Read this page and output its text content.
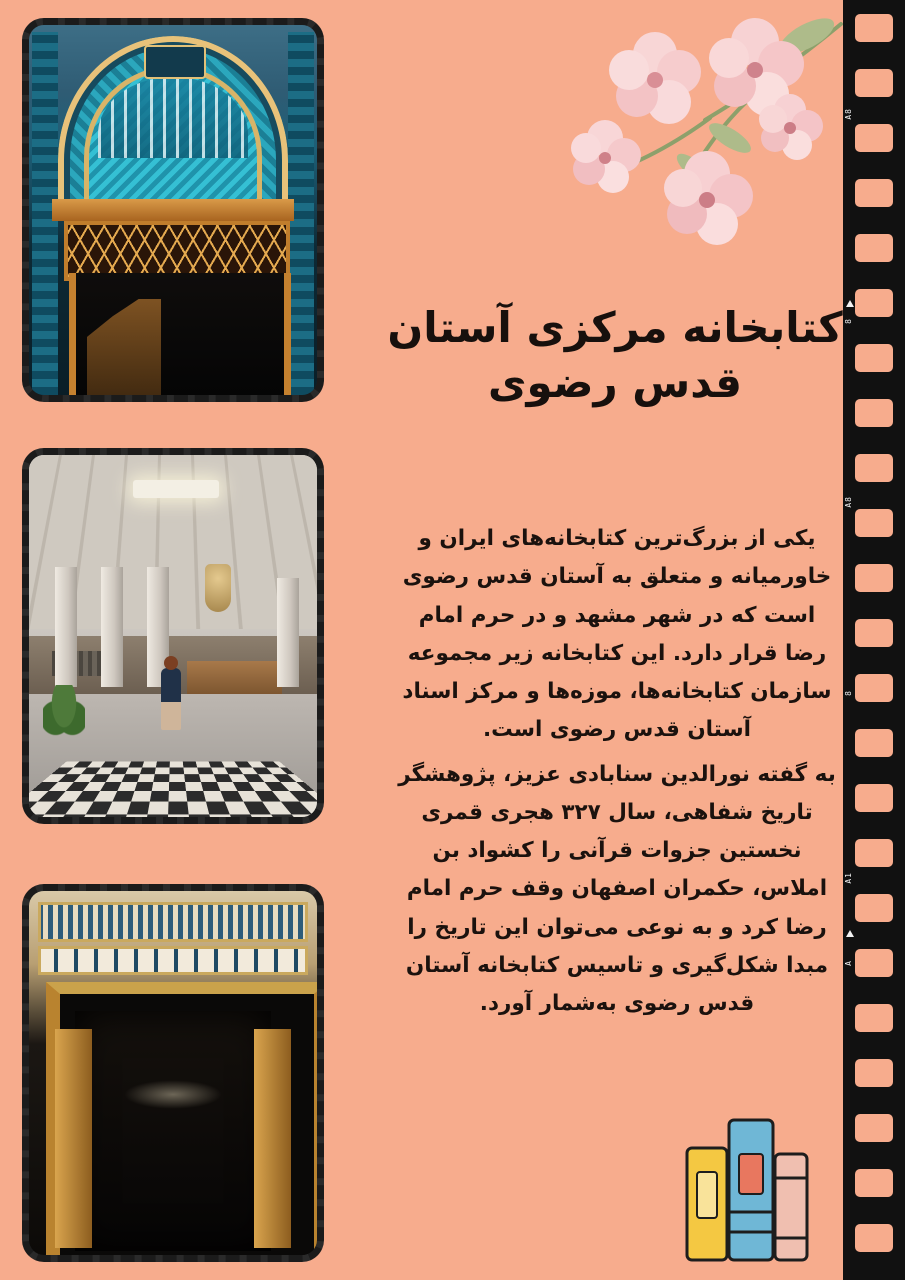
کتابخانه مرکزی آستان قدس رضوی

یکی از بزرگ‌ترین کتابخانه‌های ایران و خاورمیانه و متعلق به آستان قدس رضوی است که در شهر مشهد و در حرم امام رضا قرار دارد. این کتابخانه زیر مجموعه سازمان کتابخانه‌ها، موزه‌ها و مرکز اسناد آستان قدس رضوی است.

به گفته نورالدین سنابادی عزیز، پژوهشگر تاریخ شفاهی، سال ۳۲۷ هجری قمری نخستین جزوات قرآنی را کشواد بن املاس، حکمران اصفهان وقف حرم امام رضا کرد و به نوعی می‌توان این تاریخ را مبدا شکل‌گیری و تاسیس کتابخانه آستان قدس رضوی به‌شمار آورد.

A8
8
A8
8
A1
A
